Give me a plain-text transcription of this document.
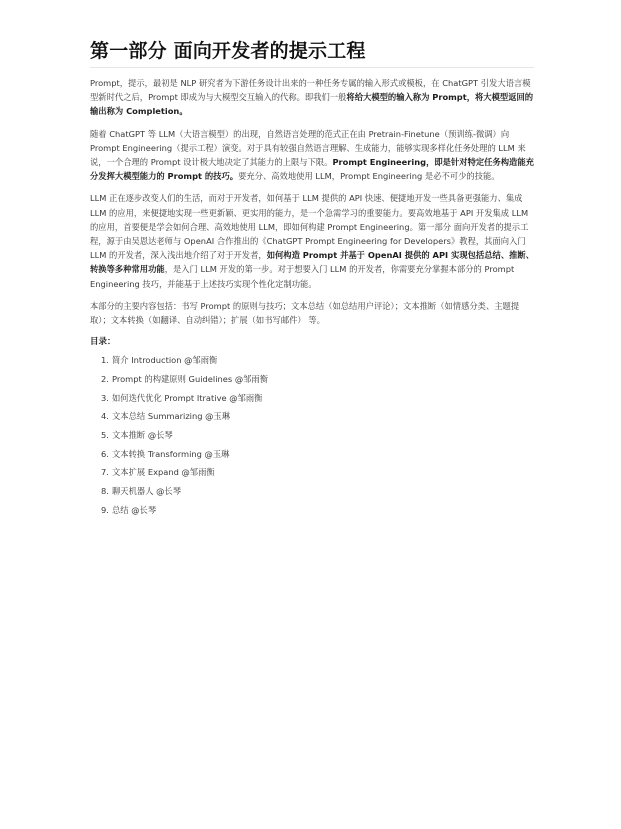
第一部分 面向开发者的提示工程

Prompt，提示，最初是 NLP 研究者为下游任务设计出来的一种任务专属的输入形式或模板，在 ChatGPT 引发大语言模型新时代之后，Prompt 即成为与大模型交互输入的代称。即我们一般将给大模型的输入称为 Prompt，将大模型返回的输出称为 Completion。

随着 ChatGPT 等 LLM（大语言模型）的出现，自然语言处理的范式正在由 Pretrain-Finetune（预训练-微调）向 Prompt Engineering（提示工程）演变。对于具有较强自然语言理解、生成能力，能够实现多样化任务处理的 LLM 来说，一个合理的 Prompt 设计极大地决定了其能力的上限与下限。Prompt Engineering，即是针对特定任务构造能充分发挥大模型能力的 Prompt 的技巧。要充分、高效地使用 LLM，Prompt Engineering 是必不可少的技能。

LLM 正在逐步改变人们的生活，而对于开发者，如何基于 LLM 提供的 API 快速、便捷地开发一些具备更强能力、集成LLM 的应用，来便捷地实现一些更新颖、更实用的能力，是一个急需学习的重要能力。要高效地基于 API 开发集成 LLM 的应用，首要便是学会如何合理、高效地使用 LLM，即如何构建 Prompt Engineering。第一部分 面向开发者的提示工程，源于由吴恩达老师与 OpenAI 合作推出的《ChatGPT Prompt Engineering for Developers》教程，其面向入门 LLM 的开发者，深入浅出地介绍了对于开发者，如何构造 Prompt 并基于 OpenAI 提供的 API 实现包括总结、推断、转换等多种常用功能，是入门 LLM 开发的第一步。对于想要入门 LLM 的开发者，你需要充分掌握本部分的 Prompt Engineering 技巧，并能基于上述技巧实现个性化定制功能。

本部分的主要内容包括：书写 Prompt 的原则与技巧；文本总结（如总结用户评论）；文本推断（如情感分类、主题提取）；文本转换（如翻译、自动纠错）；扩展（如书写邮件） 等。

目录：
1. 简介 Introduction @邹雨衡
2. Prompt 的构建原则 Guidelines @邹雨衡
3. 如何迭代优化 Prompt Itrative @邹雨衡
4. 文本总结 Summarizing @玉琳
5. 文本推断 @长琴
6. 文本转换 Transforming @玉琳
7. 文本扩展 Expand @邹雨衡
8. 聊天机器人 @长琴
9. 总结 @长琴
